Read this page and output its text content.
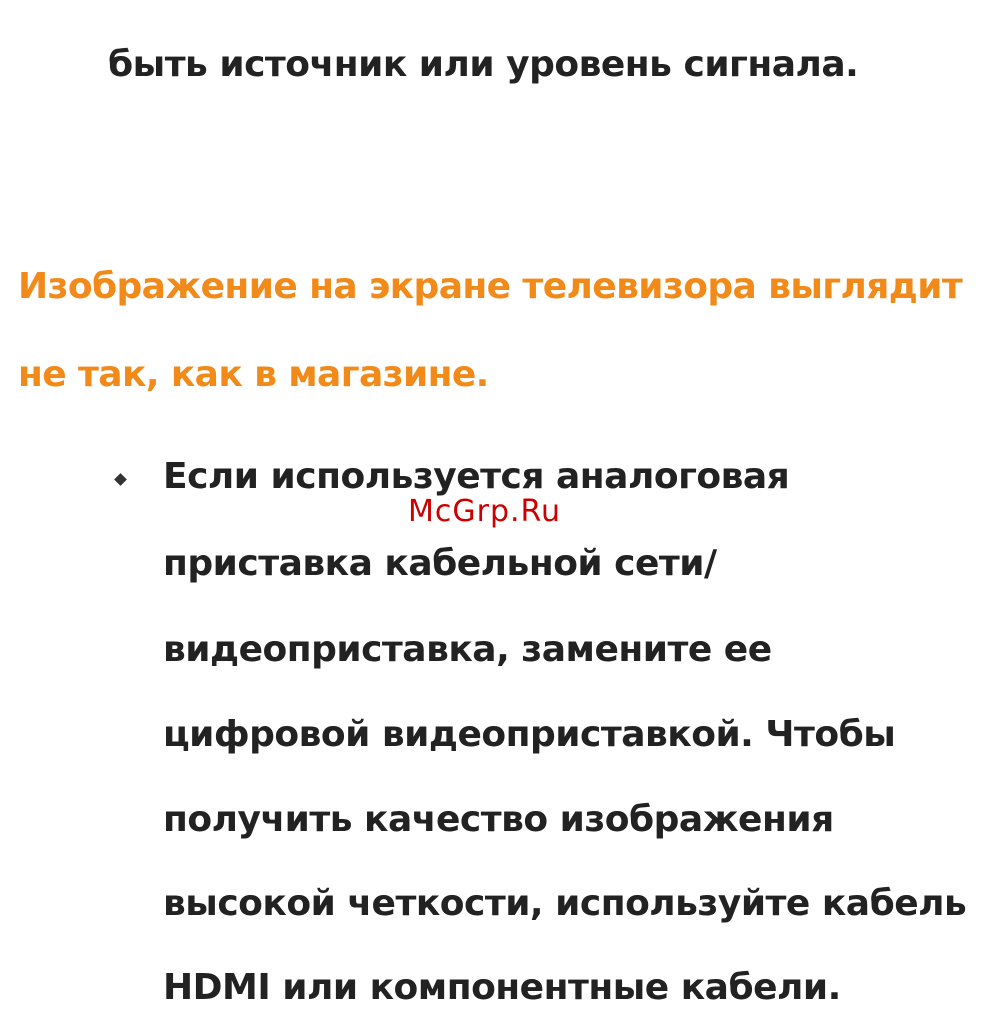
быть источник или уровень сигнала.
Изображение на экране телевизора выглядит
не так, как в магазине.
Если используется аналоговая
приставка кабельной сети/
видеоприставка, замените ее
цифровой видеоприставкой. Чтобы
получить качество изображения
высокой четкости, используйте кабель
HDMI или компонентные кабели.
McGrp.Ru
